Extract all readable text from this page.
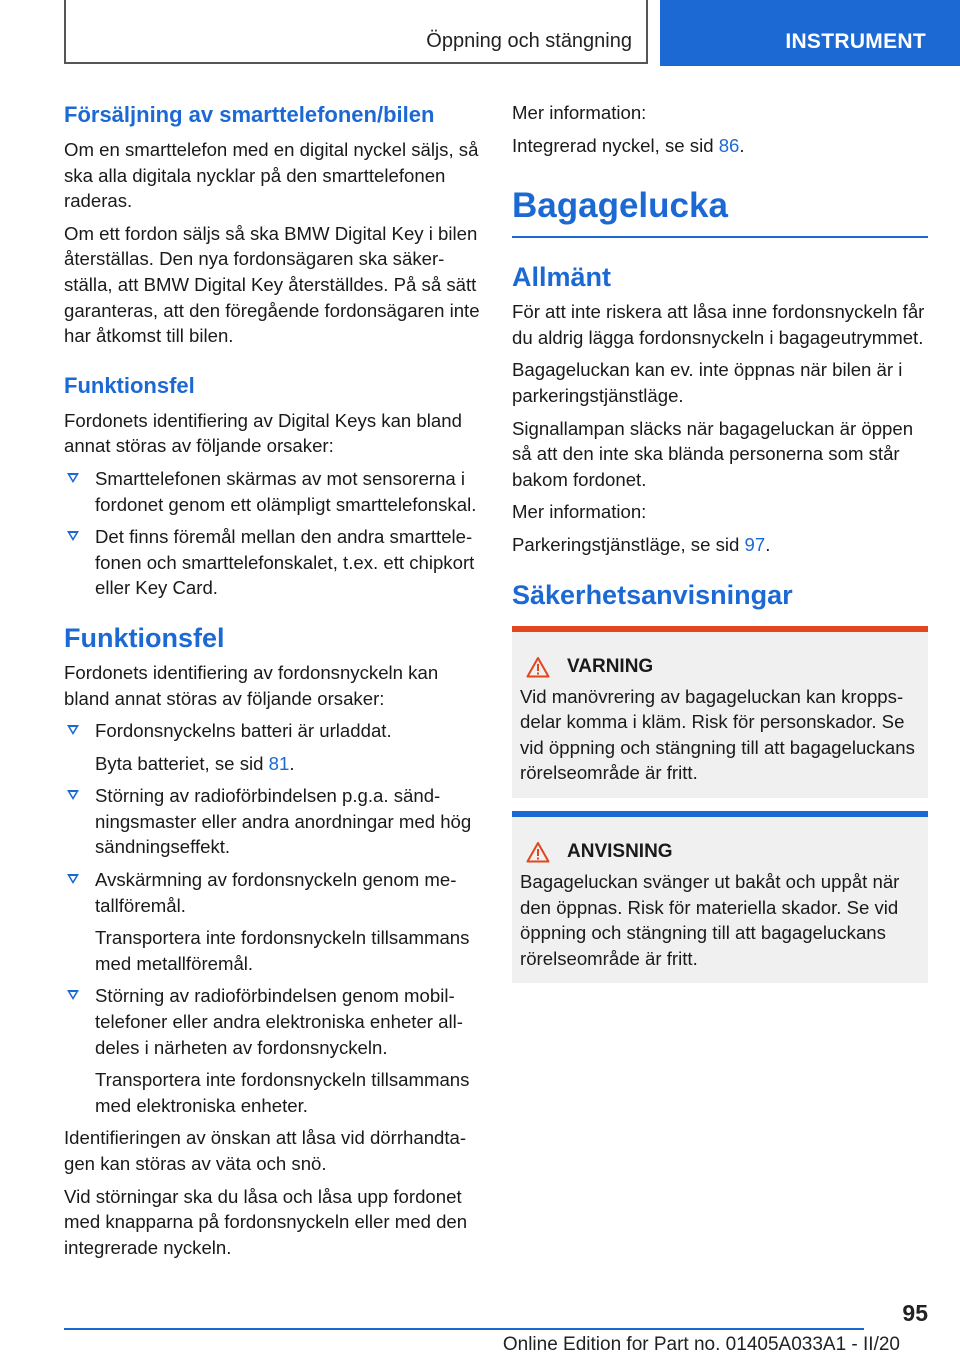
Öppning och stängning	INSTRUMENT
Försäljning av smarttelefonen/bilen

Om en smarttelefon med en digital nyckel säljs, så ska alla digitala nycklar på den smarttelefonen raderas.

Om ett fordon säljs så ska BMW Digital Key i bilen återställas. Den nya fordonsägaren ska säkerställa, att BMW Digital Key återställdes. På så sätt garanteras, att den föregående fordonsägaren inte har åtkomst till bilen.

Funktionsfel

Fordonets identifiering av Digital Keys kan bland annat störas av följande orsaker:

Smarttelefonen skärmas av mot sensorerna i fordonet genom ett olämpligt smarttelefonskal.

Det finns föremål mellan den andra smarttelefonen och smarttelefonskalet, t.ex. ett chipkort eller Key Card.

Funktionsfel

Fordonets identifiering av fordonsnyckeln kan bland annat störas av följande orsaker:

Fordonsnyckelns batteri är urladdat.

Byta batteriet, se sid 81.

Störning av radioförbindelsen p.g.a. sändningsmaster eller andra anordningar med hög sändningseffekt.

Avskärmning av fordonsnyckeln genom metallföremål.

Transportera inte fordonsnyckeln tillsammans med metallföremål.

Störning av radioförbindelsen genom mobiltelefoner eller andra elektroniska enheter alldeles i närheten av fordonsnyckeln.

Transportera inte fordonsnyckeln tillsammans med elektroniska enheter.

Identifieringen av önskan att låsa vid dörrhandtagen kan störas av väta och snö.

Vid störningar ska du låsa och låsa upp fordonet med knapparna på fordonsnyckeln eller med den integrerade nyckeln.

Mer information:

Integrerad nyckel, se sid 86.

Bagagelucka
Allmänt

För att inte riskera att låsa inne fordonsnyckeln får du aldrig lägga fordonsnyckeln i bagageutrymmet.

Bagageluckan kan ev. inte öppnas när bilen är i parkeringstjänstläge.

Signallampan släcks när bagageluckan är öppen så att den inte ska blända personerna som står bakom fordonet.

Mer information:

Parkeringstjänstläge, se sid 97.

Säkerhetsanvisningar
VARNING

Vid manövrering av bagageluckan kan kroppsdelar komma i kläm. Risk för personskador. Se vid öppning och stängning till att bagageluckans rörelseområde är fritt.

ANVISNING

Bagageluckan svänger ut bakåt och uppåt när den öppnas. Risk för materiella skador. Se vid öppning och stängning till att bagageluckans rörelseområde är fritt.

95
Online Edition for Part no. 01405A033A1 - II/20
